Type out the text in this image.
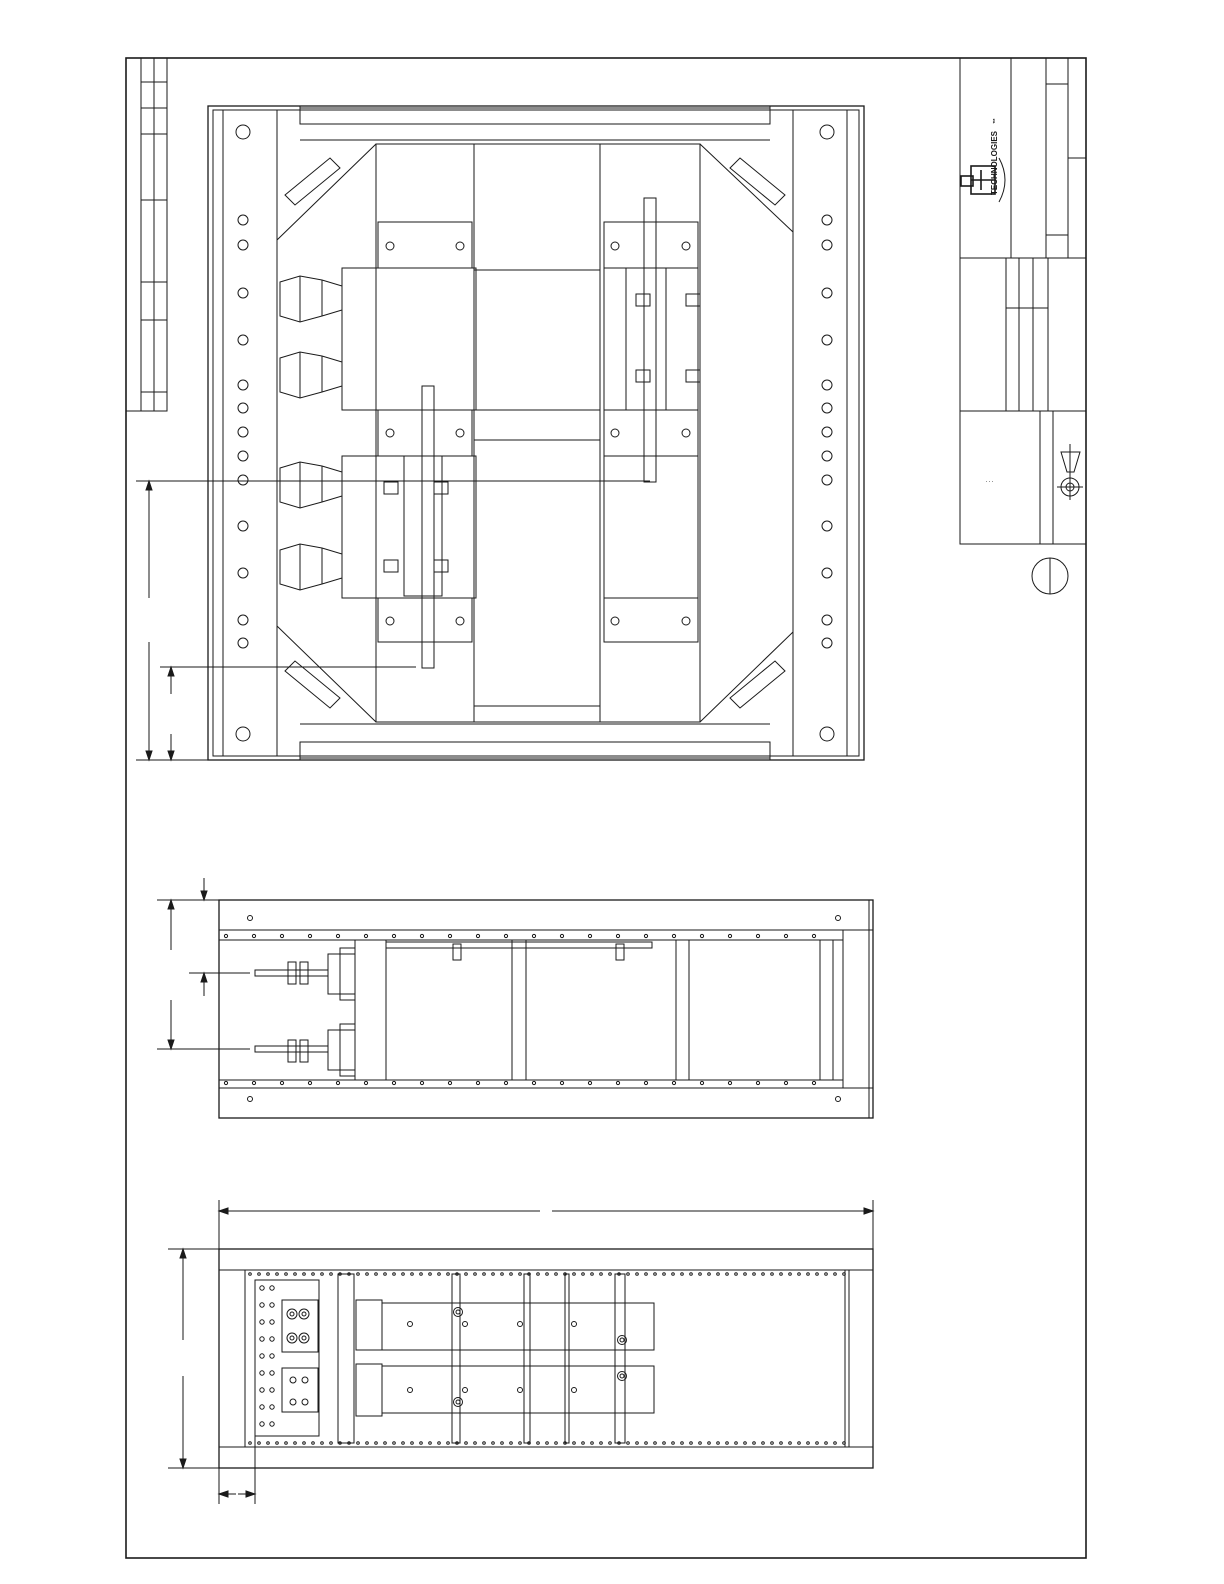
TECHNOLOGIES
™
...
